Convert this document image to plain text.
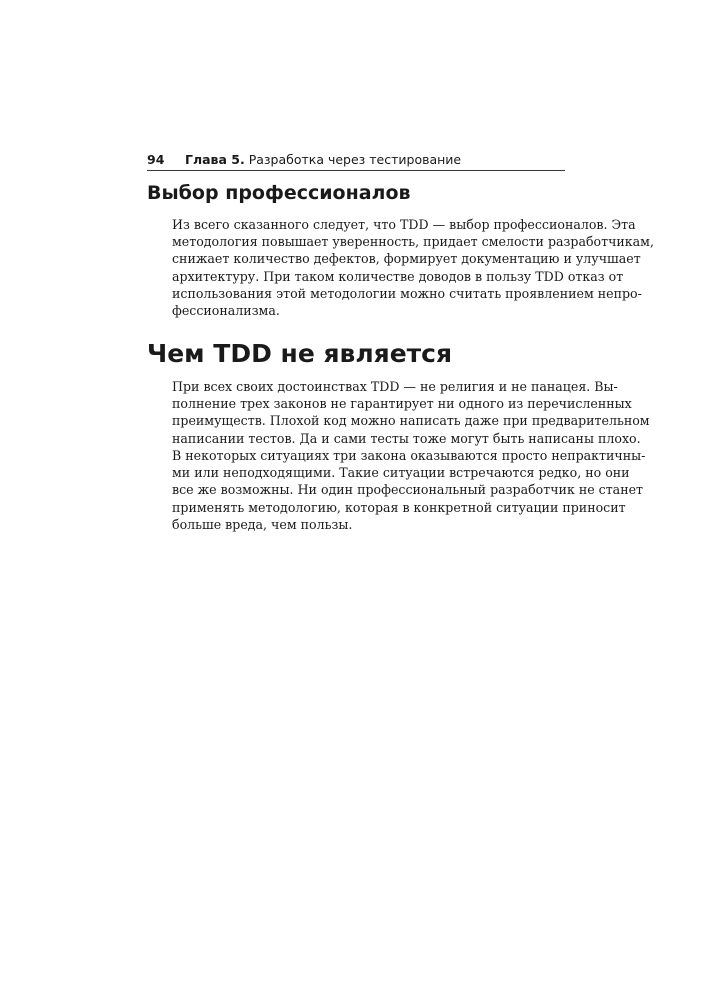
94 Глава 5. Разработка через тестирование
Выбор профессионалов
Из всего сказанного следует, что TDD — выбор профессионалов. Эта
методология повышает уверенность, придает смелости разработчикам,
снижает количество дефектов, формирует документацию и улучшает
архитектуру. При таком количестве доводов в пользу TDD отказ от
использования этой методологии можно считать проявлением непро-
фессионализма.
Чем TDD не является
При всех своих достоинствах TDD — не религия и не панацея. Вы-
полнение трех законов не гарантирует ни одного из перечисленных
преимуществ. Плохой код можно написать даже при предварительном
написании тестов. Да и сами тесты тоже могут быть написаны плохо.
В некоторых ситуациях три закона оказываются просто непрактичны-
ми или неподходящими. Такие ситуации встречаются редко, но они
все же возможны. Ни один профессиональный разработчик не станет
применять методологию, которая в конкретной ситуации приносит
больше вреда, чем пользы.
